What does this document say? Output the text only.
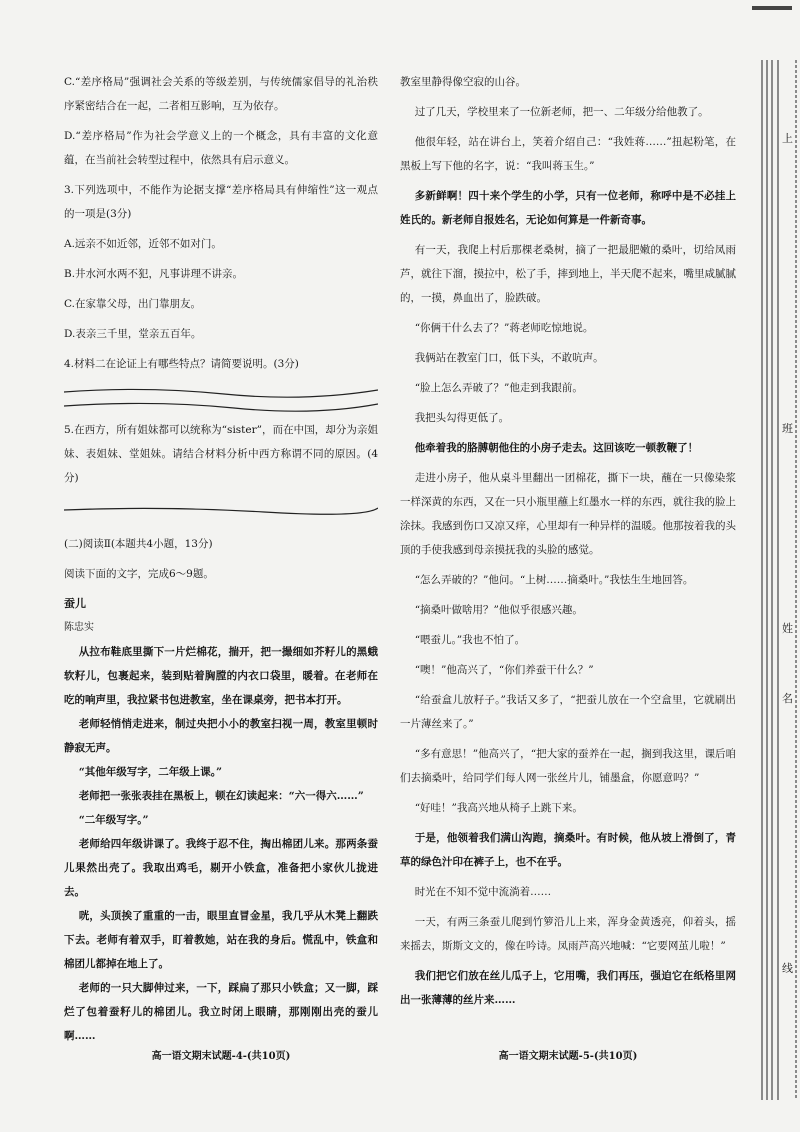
C.“差序格局”强调社会关系的等级差别，与传统儒家倡导的礼治秩序紧密结合在一起，二者相互影响，互为依存。

D.“差序格局”作为社会学意义上的一个概念，具有丰富的文化意蕴，在当前社会转型过程中，依然具有启示意义。

3.下列选项中，不能作为论据支撑“差序格局具有伸缩性”这一观点的一项是(3分)

A.远亲不如近邻，近邻不如对门。

B.井水河水两不犯，凡事讲理不讲亲。

C.在家靠父母，出门靠朋友。

D.表亲三千里，堂亲五百年。

4.材料二在论证上有哪些特点？请简要说明。(3分)

5.在西方，所有姐妹都可以统称为“sister”，而在中国，却分为亲姐妹、表姐妹、堂姐妹。请结合材料分析中西方称谓不同的原因。(4分)

(二)阅读Ⅱ(本题共4小题，13分)

阅读下面的文字，完成6～9题。

蚕儿

陈忠实

从拉布鞋底里撕下一片烂棉花，揣开，把一撮细如芥籽儿的黑蛾软籽儿，包裹起来，装到贴着胸膛的内衣口袋里，暖着。在老师在吃的响声里，我拉紧书包进教室，坐在课桌旁，把书本打开。

老师轻悄悄走进来，制过央把小小的教室扫视一周，教室里顿时静寂无声。

“其他年级写字，二年级上课。”

老师把一张张表挂在黑板上，顿在幻读起来：“六一得六……”

“二年级写字。”

老师给四年级讲课了。我终于忍不住，掏出棉团儿来。那两条蚕儿果然出壳了。我取出鸡毛，剔开小铁盒，准备把小家伙儿拢进去。

咣，头顶挨了重重的一击，眼里直冒金星，我几乎从木凳上翻跌下去。老师有着双手，盯着教她，站在我的身后。慌乱中，铁盒和棉团儿都掉在地上了。

老师的一只大脚伸过来，一下，踩扁了那只小铁盒；又一脚，踩烂了包着蚕籽儿的棉团儿。我立时闭上眼睛，那刚刚出壳的蚕儿啊……

教室里静得像空寂的山谷。

过了几天，学校里来了一位新老师，把一、二年级分给他教了。

他很年轻，站在讲台上，笑着介绍自己：“我姓蒋……”扭起粉笔，在黑板上写下他的名字，说：“我叫蒋玉生。”

多新鲜啊！四十来个学生的小学，只有一位老师，称呼中是不必挂上姓氏的。新老师自报姓名，无论如何算是一件新奇事。

有一天，我爬上村后那棵老桑树，摘了一把最肥嫩的桑叶，切给凤雨芦，就往下溜，摸拉中，松了手，摔到地上，半天爬不起来，嘴里咸腻腻的，一摸，鼻血出了，脸跌破。

“你俩干什么去了？”蒋老师吃惊地说。

我俩站在教室门口，低下头，不敢吭声。

“脸上怎么弄破了？”他走到我跟前。

我把头勾得更低了。

他牵着我的胳膊朝他住的小房子走去。这回该吃一顿教鞭了！

走进小房子，他从桌斗里翻出一团棉花，撕下一块，蘸在一只像染浆一样深黄的东西，又在一只小瓶里蘸上红墨水一样的东西，就往我的脸上涂抹。我感到伤口又凉又痒，心里却有一种异样的温暖。他那按着我的头顶的手使我感到母亲摸抚我的头脸的感觉。

“怎么弄破的？”他问。“上树……摘桑叶。”我怯生生地回答。

“摘桑叶做啥用？”他似乎很感兴趣。

“喂蚕儿。”我也不怕了。

“噢！”他高兴了，“你们养蚕干什么？”

“给蚕盒儿放籽子。”我话又多了，“把蚕儿放在一个空盒里，它就刷出一片薄丝来了。”

“多有意思！”他高兴了，“把大家的蚕养在一起，搁到我这里，课后咱们去摘桑叶，给同学们每人网一张丝片儿，铺墨盒，你愿意吗？”

“好哇！”我高兴地从椅子上跳下来。

于是，他领着我们满山沟跑，摘桑叶。有时候，他从坡上滑倒了，青草的绿色汁印在裤子上，也不在乎。

时光在不知不觉中流淌着……

一天，有两三条蚕儿爬到竹箩沿儿上来，浑身金黄透亮，仰着头，摇来摇去，斯斯文文的，像在吟诗。凤雨芦高兴地喊：“它要网茧儿啦！”

我们把它们放在丝儿瓜子上，它用嘴，我们再压，强迫它在纸格里网出一张薄薄的丝片来……

高一语文期末试题-4-(共10页)	高一语文期末试题-5-(共10页)
上
班
姓
名
线
